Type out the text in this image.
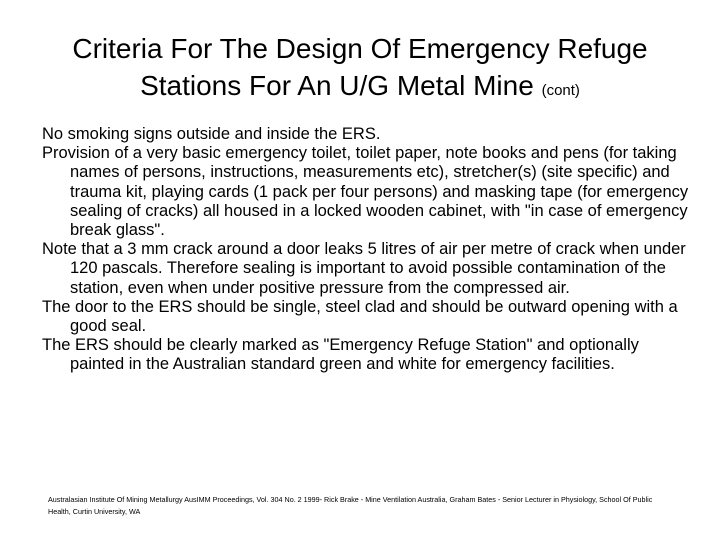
Criteria For The Design Of Emergency Refuge Stations For An U/G Metal Mine (cont)
No smoking signs outside and inside the ERS.
Provision of a very basic emergency toilet, toilet paper, note books and pens (for taking names of persons, instructions, measurements etc), stretcher(s) (site specific) and trauma kit, playing cards (1 pack per four persons) and masking tape (for emergency sealing of cracks) all housed in a locked wooden cabinet, with "in case of emergency break glass".
Note that a 3 mm crack around a door leaks 5 litres of air per metre of crack when under 120 pascals. Therefore sealing is important to avoid possible contamination of the station, even when under positive pressure from the compressed air.
The door to the ERS should be single, steel clad and should be outward opening with a good seal.
The ERS should be clearly marked as "Emergency Refuge Station" and optionally painted in the Australian standard green and white for emergency facilities.

Australasian Institute Of Mining Metallurgy AusIMM Proceedings, Vol. 304 No. 2 1999- Rick Brake - Mine Ventilation Australia, Graham Bates - Senior Lecturer in Physiology, School Of Public Health, Curtin University, WA
